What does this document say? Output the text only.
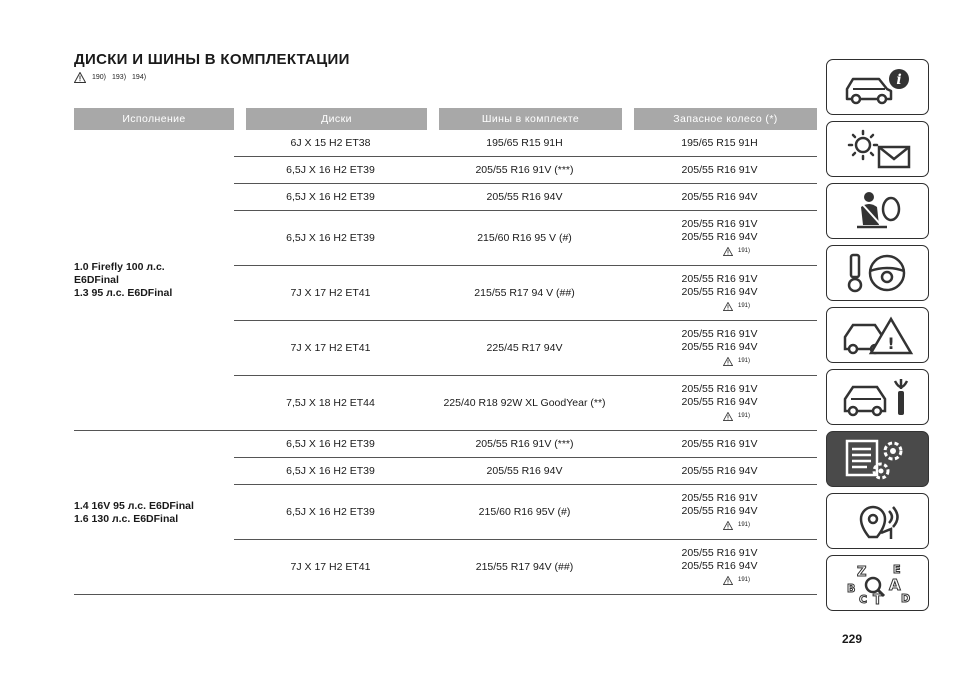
ДИСКИ И ШИНЫ В КОМПЛЕКТАЦИИ
190) 193) 194)
Исполнение	Диски	Шины в комплекте	Запасное колесо (*)

1.0 Firefly 100 л.с.
E6DFinal
1.3 95 л.с. E6DFinal	6J X 15 H2 ET38	195/65 R15 91H	195/65 R15 91H
	6,5J X 16 H2 ET39	205/55 R16 91V (***)	205/55 R16 91V
	6,5J X 16 H2 ET39	205/55 R16 94V	205/55 R16 94V
	6,5J X 16 H2 ET39	215/60 R16 95 V (#)	205/55 R16 91V
205/55 R16 94V
191)

	7J X 17 H2 ET41	215/55 R17 94 V (##)	205/55 R16 91V
205/55 R16 94V
191)

	7J X 17 H2 ET41	225/45 R17 94V	205/55 R16 91V
205/55 R16 94V
191)

	7,5J X 18 H2 ET44	225/40 R18 92W XL GoodYear (**)	205/55 R16 91V
205/55 R16 94V
191)

1.4 16V 95 л.с. E6DFinal
1.6 130 л.с. E6DFinal	6,5J X 16 H2 ET39	205/55 R16 91V (***)	205/55 R16 91V
	6,5J X 16 H2 ET39	205/55 R16 94V	205/55 R16 94V
	6,5J X 16 H2 ET39	215/60 R16 95V (#)	205/55 R16 91V
205/55 R16 94V
191)

	7J X 17 H2 ET41	215/55 R17 94V (##)	205/55 R16 91V
205/55 R16 94V
191)
229
i
!
Z E
B A
C T D
